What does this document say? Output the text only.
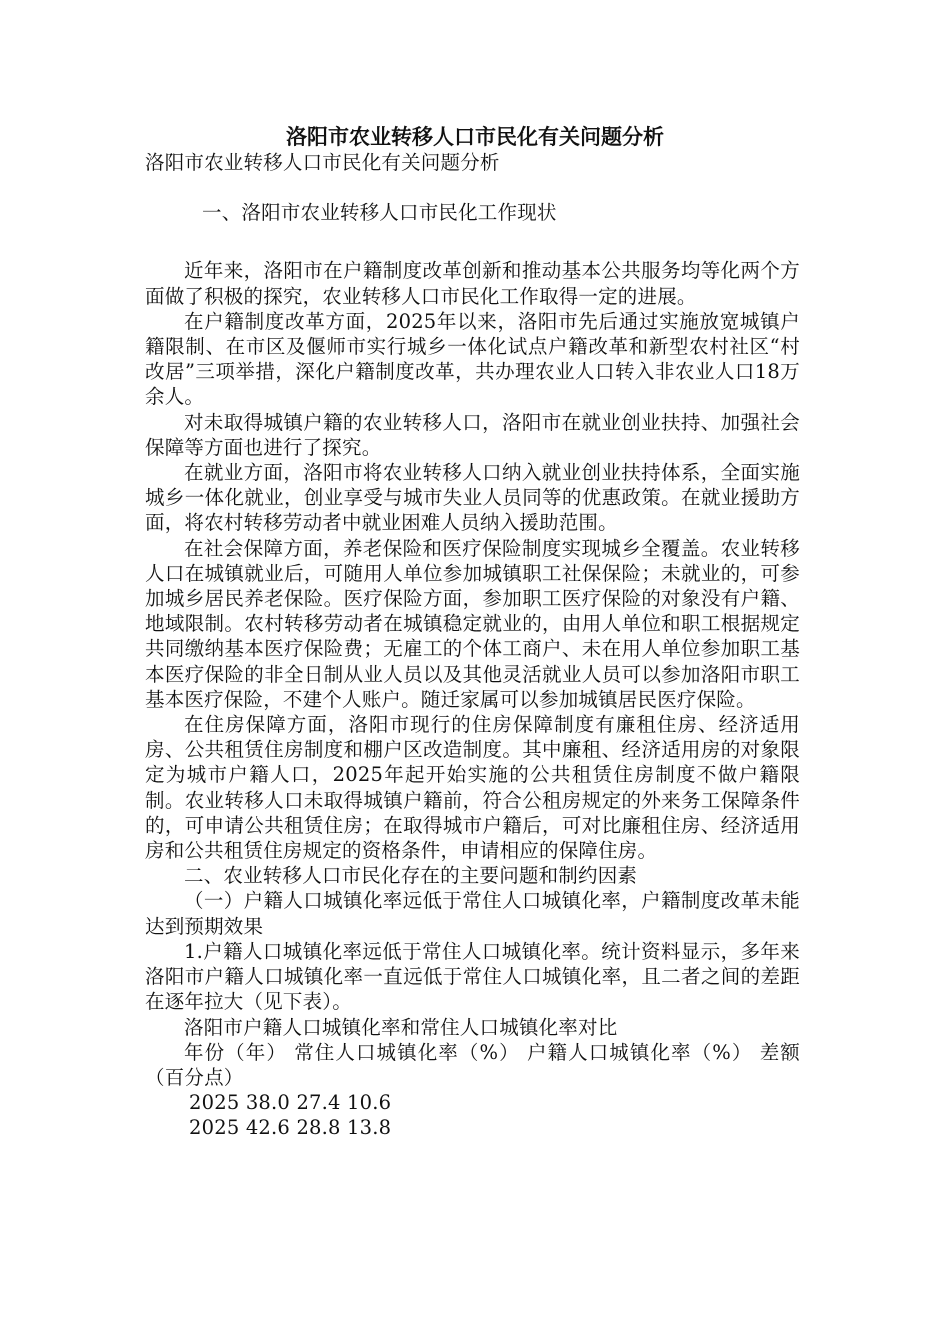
洛阳市农业转移人口市民化有关问题分析

洛阳市农业转移人口市民化有关问题分析

一、洛阳市农业转移人口市民化工作现状

近年来，洛阳市在户籍制度改革创新和推动基本公共服务均等化两个方面做了积极的探究，农业转移人口市民化工作取得一定的进展。

在户籍制度改革方面，2025年以来，洛阳市先后通过实施放宽城镇户籍限制、在市区及偃师市实行城乡一体化试点户籍改革和新型农村社区“村改居”三项举措，深化户籍制度改革，共办理农业人口转入非农业人口18万余人。

对未取得城镇户籍的农业转移人口，洛阳市在就业创业扶持、加强社会保障等方面也进行了探究。

在就业方面，洛阳市将农业转移人口纳入就业创业扶持体系，全面实施城乡一体化就业，创业享受与城市失业人员同等的优惠政策。在就业援助方面，将农村转移劳动者中就业困难人员纳入援助范围。

在社会保障方面，养老保险和医疗保险制度实现城乡全覆盖。农业转移人口在城镇就业后，可随用人单位参加城镇职工社保保险；未就业的，可参加城乡居民养老保险。医疗保险方面，参加职工医疗保险的对象没有户籍、地域限制。农村转移劳动者在城镇稳定就业的，由用人单位和职工根据规定共同缴纳基本医疗保险费；无雇工的个体工商户、未在用人单位参加职工基本医疗保险的非全日制从业人员以及其他灵活就业人员可以参加洛阳市职工基本医疗保险，不建个人账户。随迁家属可以参加城镇居民医疗保险。

在住房保障方面，洛阳市现行的住房保障制度有廉租住房、经济适用房、公共租赁住房制度和棚户区改造制度。其中廉租、经济适用房的对象限定为城市户籍人口，2025年起开始实施的公共租赁住房制度不做户籍限制。农业转移人口未取得城镇户籍前，符合公租房规定的外来务工保障条件的，可申请公共租赁住房；在取得城市户籍后，可对比廉租住房、经济适用房和公共租赁住房规定的资格条件，申请相应的保障住房。

二、农业转移人口市民化存在的主要问题和制约因素

（一）户籍人口城镇化率远低于常住人口城镇化率，户籍制度改革未能达到预期效果

1.户籍人口城镇化率远低于常住人口城镇化率。统计资料显示，多年来洛阳市户籍人口城镇化率一直远低于常住人口城镇化率，且二者之间的差距在逐年拉大（见下表）。

洛阳市户籍人口城镇化率和常住人口城镇化率对比

年份（年） 常住人口城镇化率（%） 户籍人口城镇化率（%） 差额（百分点）

2025 38.0 27.4 10.6

2025 42.6 28.8 13.8
